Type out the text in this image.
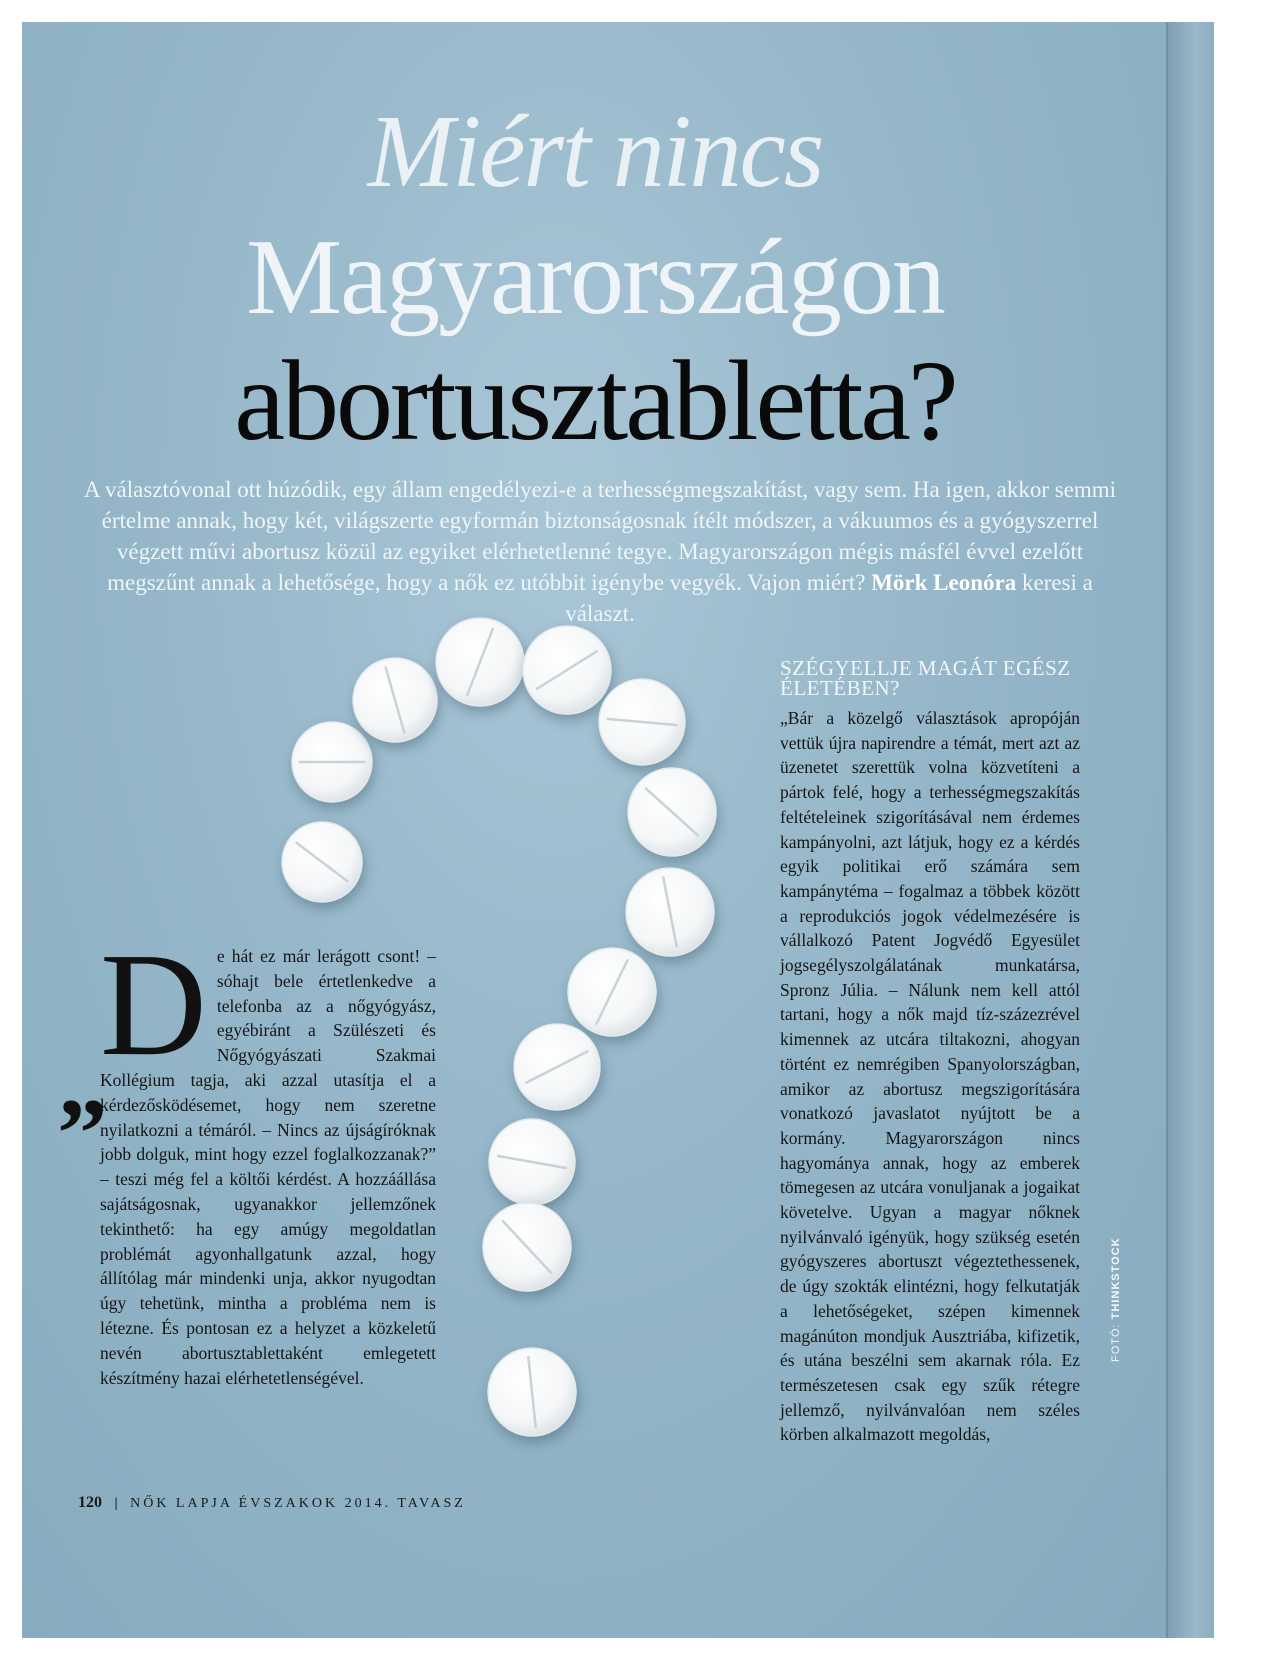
Miért nincs
Magyarországon
abortusztabletta?
A választóvonal ott húzódik, egy állam engedélyezi-e a terhességmegszakítást, vagy sem. Ha igen, akkor semmi értelme annak, hogy két, világszerte egyformán biztonságosnak ítélt módszer, a vákuumos és a gyógyszerrel végzett művi abortusz közül az egyiket elérhetetlenné tegye. Magyarországon mégis másfél évvel ezelőtt megszűnt annak a lehetősége, hogy a nők ez utóbbit igénybe vegyék. Vajon miért? Mörk Leonóra keresi a választ.
„
D e hát ez már lerágott csont! – sóhajt bele értetlenkedve a telefonba az a nőgyógyász, egyébiránt a Szülészeti és Nőgyógyászati Szakmai Kollégium tagja, aki azzal utasítja el a kérdezősködésemet, hogy nem szeretne nyilatkozni a témáról. – Nincs az újságíróknak jobb dolguk, mint hogy ezzel foglalkozzanak?” – teszi még fel a költői kérdést. A hozzáállása sajátságosnak, ugyanakkor jellemzőnek tekinthető: ha egy amúgy megoldatlan problémát agyonhallgatunk azzal, hogy állítólag már mindenki unja, akkor nyugodtan úgy tehetünk, mintha a probléma nem is létezne. És pontosan ez a helyzet a közkeletű nevén abortusztablettaként emlegetett készítmény hazai elérhetetlenségével.
SZÉGYELLJE MAGÁT EGÉSZ ÉLETÉBEN?
„Bár a közelgő választások apropóján vettük újra napirendre a témát, mert azt az üzenetet szerettük volna közvetíteni a pártok felé, hogy a terhességmegszakítás feltételeinek szigorításával nem érdemes kampányolni, azt látjuk, hogy ez a kérdés egyik politikai erő számára sem kampánytéma – fogalmaz a többek között a reprodukciós jogok védelmezésére is vállalkozó Patent Jogvédő Egyesület jogsegélyszolgálatának munkatársa, Spronz Júlia. – Nálunk nem kell attól tartani, hogy a nők majd tíz-százezrével kimennek az utcára tiltakozni, ahogyan történt ez nemrégiben Spanyolországban, amikor az abortusz megszigorítására vonatkozó javaslatot nyújtott be a kormány. Magyarországon nincs hagyománya annak, hogy az emberek tömegesen az utcára vonuljanak a jogaikat követelve. Ugyan a magyar nőknek nyilvánvaló igényük, hogy szükség esetén gyógyszeres abortuszt végeztethessenek, de úgy szokták elintézni, hogy felkutatják a lehetőségeket, szépen kimennek magánúton mondjuk Ausztriába, kifizetik, és utána beszélni sem akarnak róla. Ez természetesen csak egy szűk rétegre jellemző, nyilvánvalóan nem széles körben alkalmazott megoldás,
120 | NŐK LAPJA ÉVSZAKOK 2014. TAVASZ
FOTÓ: THINKSTOCK
